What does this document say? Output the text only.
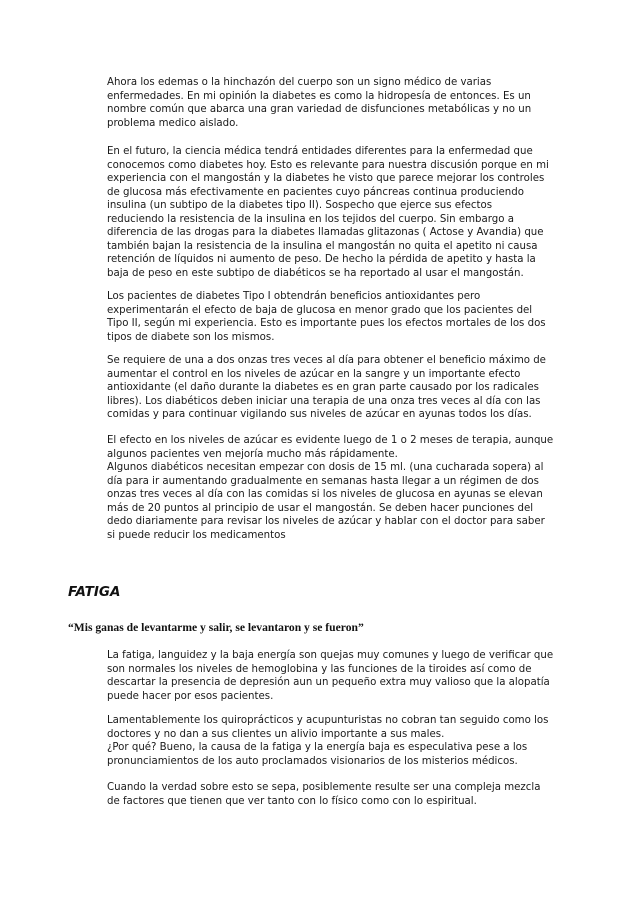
Ahora los edemas o la hinchazón del cuerpo son un signo médico de varias
enfermedades. En mi opinión la diabetes es como la hidropesía de entonces. Es un
nombre común que abarca una gran variedad de disfunciones metabólicas y no un
problema medico aislado.

En el futuro, la ciencia médica tendrá entidades diferentes para la enfermedad que
conocemos como diabetes hoy. Esto es relevante para nuestra discusión porque en mi
experiencia con el mangostán y la diabetes he visto que parece mejorar los controles
de glucosa más efectivamente en pacientes cuyo páncreas continua produciendo
insulina (un subtipo de la diabetes tipo II). Sospecho que ejerce sus efectos
reduciendo la resistencia de la insulina en los tejidos del cuerpo. Sin embargo a
diferencia de las drogas para la diabetes llamadas glitazonas ( Actose y Avandia) que
también bajan la resistencia de la insulina el mangostán no quita el apetito ni causa
retención de líquidos ni aumento de peso. De hecho la pérdida de apetito y hasta la
baja de peso en este subtipo de diabéticos se ha reportado al usar el mangostán.

Los pacientes de diabetes Tipo I obtendrán beneficios antioxidantes pero
experimentarán el efecto de baja de glucosa en menor grado que los pacientes del
Tipo II, según mi experiencia. Esto es importante pues los efectos mortales de los dos
tipos de diabete son los mismos.

Se requiere de una a dos onzas tres veces al día para obtener el beneficio máximo de
aumentar el control en los niveles de azúcar en la sangre y un importante efecto
antioxidante (el daño durante la diabetes es en gran parte causado por los radicales
libres). Los diabéticos deben iniciar una terapia de una onza tres veces al día con las
comidas y para continuar vigilando sus niveles de azúcar en ayunas todos los días.

El efecto en los niveles de azúcar es evidente luego de 1 o 2 meses de terapia, aunque
algunos pacientes ven mejoría mucho más rápidamente.
Algunos diabéticos necesitan empezar con dosis de 15 ml. (una cucharada sopera) al
día para ir aumentando gradualmente en semanas hasta llegar a un régimen de dos
onzas tres veces al día con las comidas si los niveles de glucosa en ayunas se elevan
más de 20 puntos al principio de usar el mangostán. Se deben hacer punciones del
dedo diariamente para revisar los niveles de azúcar y hablar con el doctor para saber
si puede reducir los medicamentos

FATIGA
“Mis ganas de levantarme y salir, se levantaron y se fueron”

La fatiga, languidez y la baja energía son quejas muy comunes y luego de verificar que
son normales los niveles de hemoglobina y las funciones de la tiroides así como de
descartar la presencia de depresión aun un pequeño extra muy valioso que la alopatía
puede hacer por esos pacientes.

Lamentablemente los quiroprácticos y acupunturistas no cobran tan seguido como los
doctores y no dan a sus clientes un alivio importante a sus males.
¿Por qué? Bueno, la causa de la fatiga y la energía baja es especulativa pese a los
pronunciamientos de los auto proclamados visionarios de los misterios médicos.

Cuando la verdad sobre esto se sepa, posiblemente resulte ser una compleja mezcla
de factores que tienen que ver tanto con lo físico como con lo espiritual.
